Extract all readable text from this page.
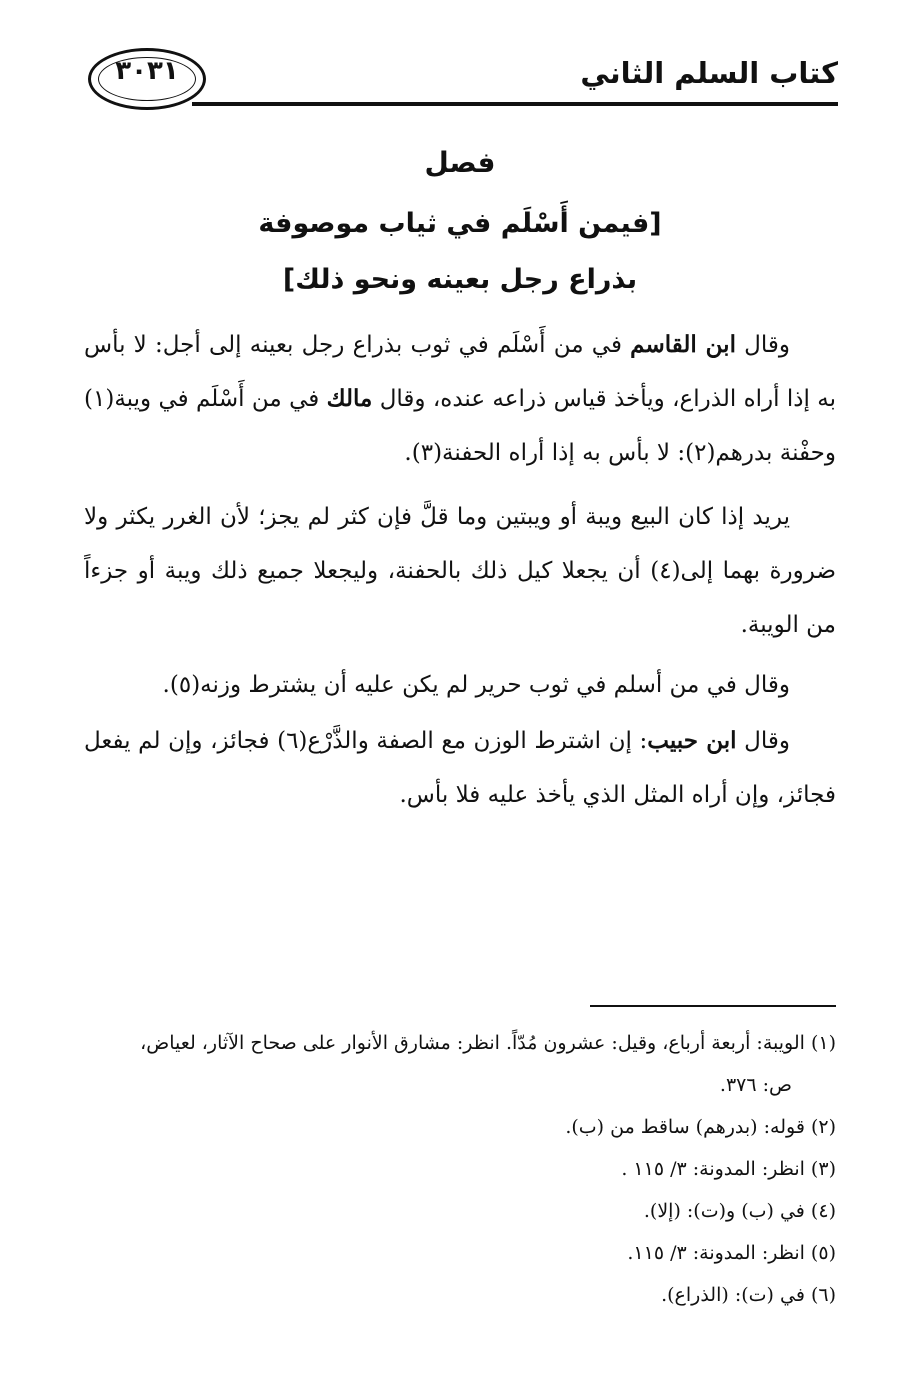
٣٠٣١	كتاب السلم الثاني
فصل
[فيمن أَسْلَم في ثياب موصوفة
بذراع رجل بعينه ونحو ذلك]

وقال ابن القاسم في من أَسْلَم في ثوب بذراع رجل بعينه إلى أجل: لا بأس به إذا أراه الذراع، ويأخذ قياس ذراعه عنده، وقال مالك في من أَسْلَم في ويبة(١) وحفْنة بدرهم(٢): لا بأس به إذا أراه الحفنة(٣).

يريد إذا كان البيع ويبة أو ويبتين وما قلَّ فإن كثر لم يجز؛ لأن الغرر يكثر ولا ضرورة بهما إلى(٤) أن يجعلا كيل ذلك بالحفنة، وليجعلا جميع ذلك ويبة أو جزءاً من الويبة.

وقال في من أسلم في ثوب حرير لم يكن عليه أن يشترط وزنه(٥).

وقال ابن حبيب: إن اشترط الوزن مع الصفة والذَّرْع(٦) فجائز، وإن لم يفعل فجائز، وإن أراه المثل الذي يأخذ عليه فلا بأس.

(١) الويبة: أربعة أرباع، وقيل: عشرون مُدّاً. انظر: مشارق الأنوار على صحاح الآثار، لعياض،

ص: ٣٧٦.

(٢) قوله: (بدرهم) ساقط من (ب).

(٣) انظر: المدونة: ٣/ ١١٥ .

(٤) في (ب) و(ت): (إلا).

(٥) انظر: المدونة: ٣/ ١١٥.

(٦) في (ت): (الذراع).
